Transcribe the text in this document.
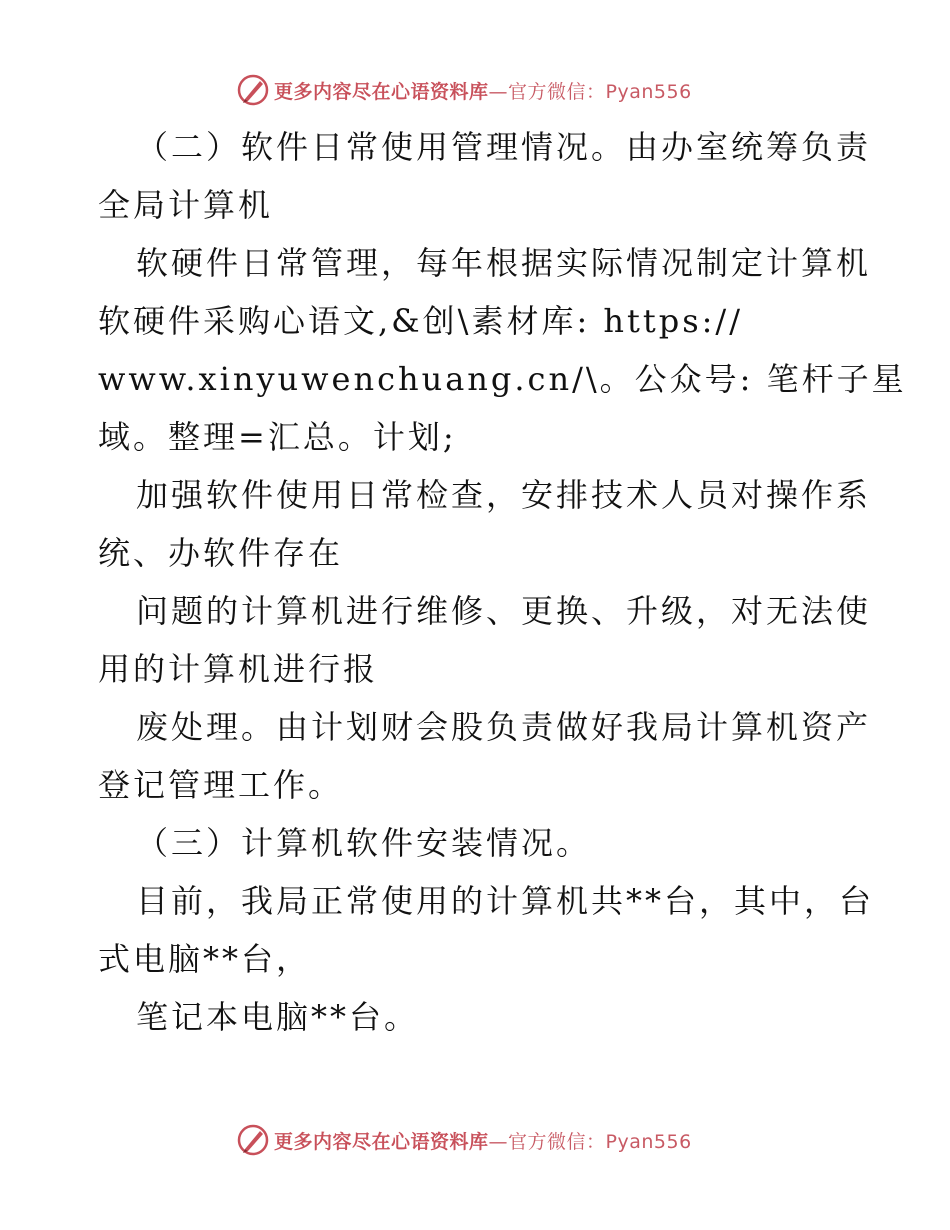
更多内容尽在心语资料库—官方微信：Pyan556
（二）软件日常使用管理情况。由办室统筹负责
全局计算机
软硬件日常管理，每年根据实际情况制定计算机
软硬件采购心语文,&创\素材库: https://
www.xinyuwenchuang.cn/\。公众号: 笔杆子星
域。整理=汇总。计划;
加强软件使用日常检查，安排技术人员对操作系
统、办软件存在
问题的计算机进行维修、更换、升级，对无法使
用的计算机进行报
废处理。由计划财会股负责做好我局计算机资产
登记管理工作。
（三）计算机软件安装情况。
目前，我局正常使用的计算机共**台，其中，台
式电脑**台，
笔记本电脑**台。
更多内容尽在心语资料库—官方微信：Pyan556
